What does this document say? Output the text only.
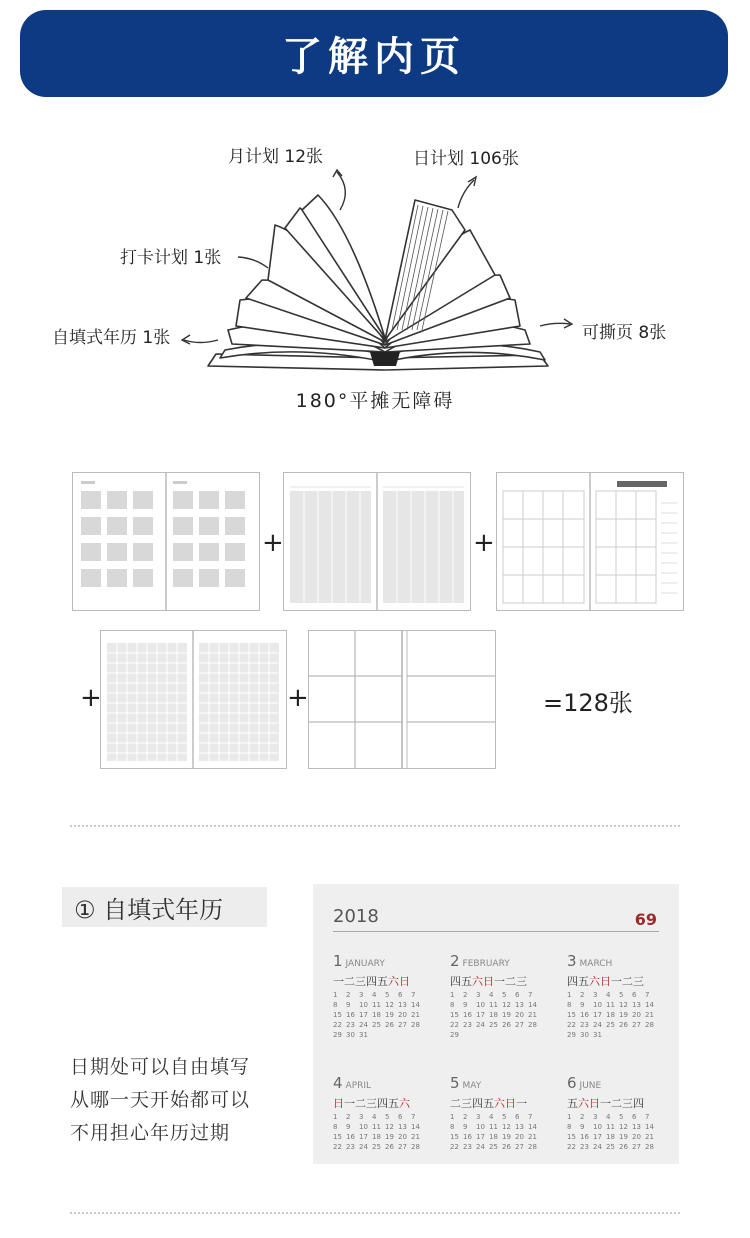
了解内页
月计划 12张	日计划 106张
打卡计划 1张
自填式年历 1张	可撕页 8张
180°平摊无障碍
+	+
+	+	=128张
① 自填式年历
日期处可以自由填写
从哪一天开始都可以
不用担心年历过期
2018	69
1 JANUARY
一二三四五六日
1	2	3	4	5	6	7
8	9	10 11 12 13 14
15 16 17 18 19 20 21
22 23 24 25 26 27 28
29 30 31
2 FEBRUARY
四五六日一二三
1	2	3	4	5	6	7
8	9	10 11 12 13 14
15 16 17 18 19 20 21
22 23 24 25 26 27 28
29
3 MARCH
四五六日一二三
1	2	3	4	5	6	7
8	9	10 11 12 13 14
15 16 17 18 19 20 21
22 23 24 25 26 27 28
29 30 31
4 APRIL
日一二三四五六
1	2	3	4	5	6	7
8	9	10 11 12 13 14
15 16 17 18 19 20 21
22 23 24 25 26 27 28
5 MAY
二三四五六日一
1	2	3	4	5	6	7
8	9	10 11 12 13 14
15 16 17 18 19 20 21
22 23 24 25 26 27 28
6 JUNE
五六日一二三四
1	2	3	4	5	6	7
8	9	10 11 12 13 14
15 16 17 18 19 20 21
22 23 24 25 26 27 28
